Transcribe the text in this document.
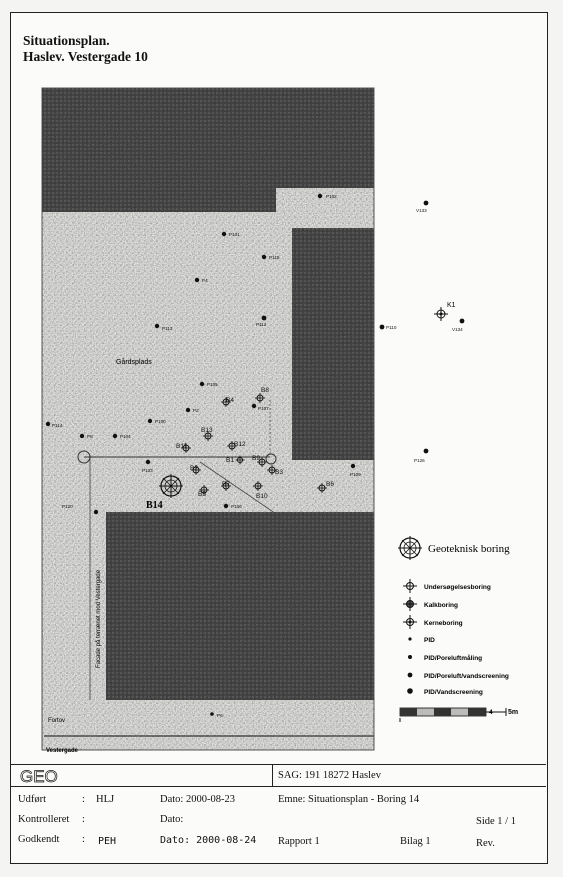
Situationsplan.
Haslev. Vestergade 10
Gårdsplads
Fortov
Vestergade
Facade på terrænet mod Vestergade
B14
K1
V133
V134
P126
P110
P102
P101
P115
P4
P113
P112
P105
P107
P2
P100
P114
P8	P104
P103
P109
P106
P120
P6
B4
B8
B13
B11	B12
B7
B2
B3
B5
B9
B10
B6
B1
Geoteknisk boring
Undersøgelsesboring
Kalkboring
Kerneboring
PID
PID/Poreluftmåling
PID/Poreluft/vandscreening
PID/Vandscreening
4 5m
GEO	SAG: 191 18272 Haslev
Udført	: HLJ	Dato: 2000-08-23	Emne: Situationsplan - Boring 14
Kontrolleret :	Dato:	Side 1 / 1
Godkendt : PEH	Dato: 2000-08-24 Rapport 1	Bilag 1	Rev.
